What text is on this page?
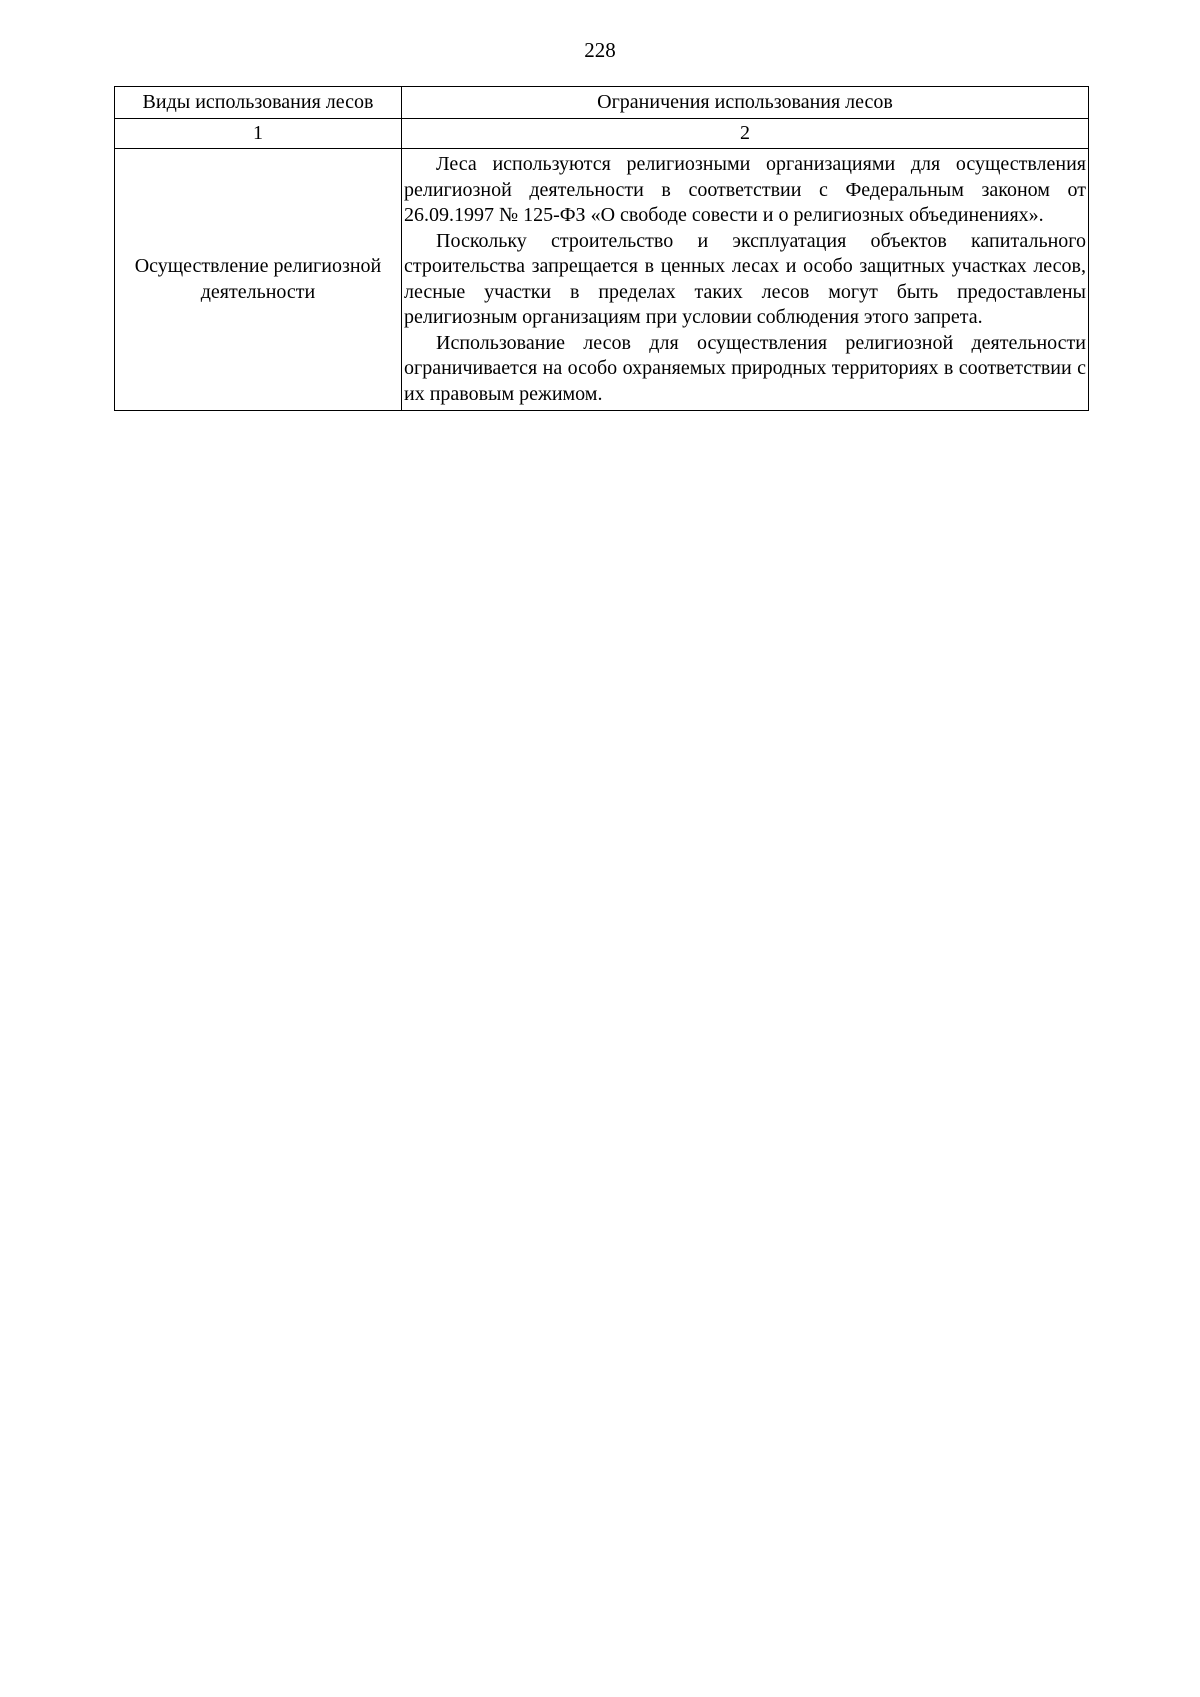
228
Виды использования лесов	Ограничения использования лесов
1	2
Осуществление религиозной деятельности	Леса используются религиозными организациями для осуществления религиозной деятельности в соответствии с Федеральным законом от 26.09.1997 № 125-ФЗ «О свободе совести и о религиозных объединениях».

Поскольку строительство и эксплуатация объектов капитального строительства запрещается в ценных лесах и особо защитных участках лесов, лесные участки в пределах таких лесов могут быть предоставлены религиозным организациям при условии соблюдения этого запрета.

Использование лесов для осуществления религиозной деятельности ограничивается на особо охраняемых природных территориях в соответствии с их правовым режимом.
